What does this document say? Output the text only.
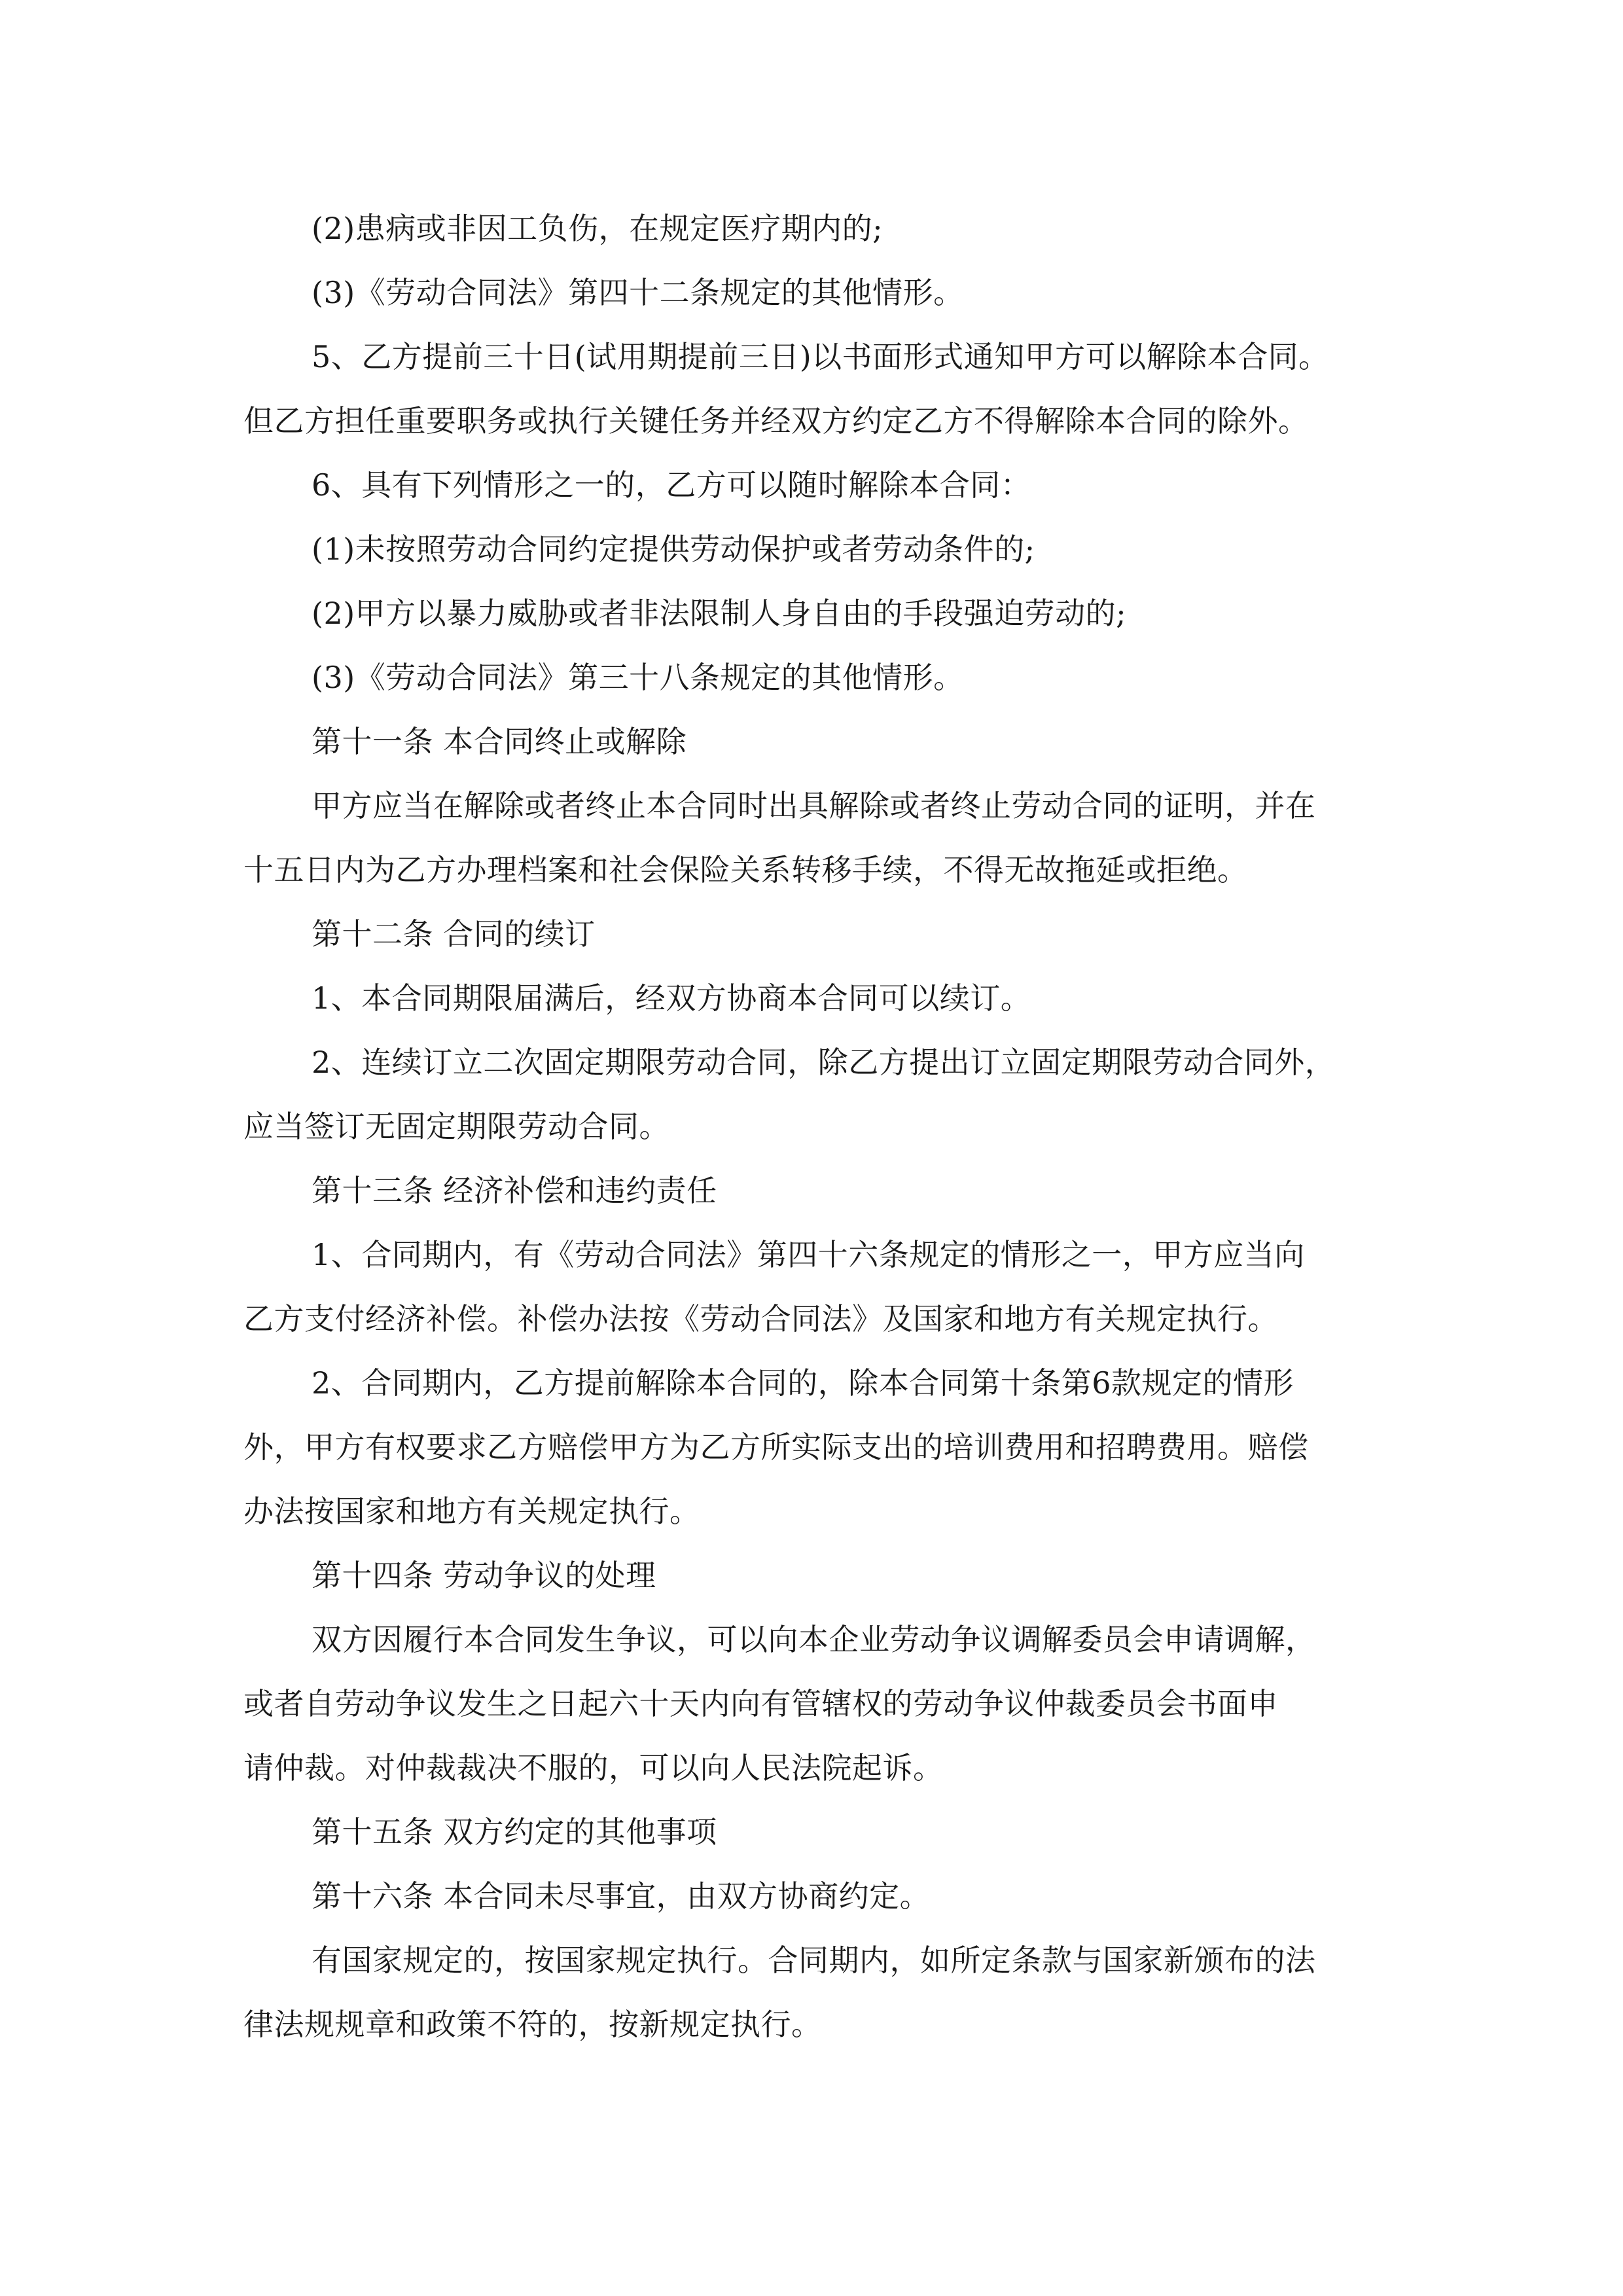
(2)患病或非因工负伤，在规定医疗期内的;
(3)《劳动合同法》第四十二条规定的其他情形。
5、乙方提前三十日(试用期提前三日)以书面形式通知甲方可以解除本合同。
但乙方担任重要职务或执行关键任务并经双方约定乙方不得解除本合同的除外。
6、具有下列情形之一的，乙方可以随时解除本合同：
(1)未按照劳动合同约定提供劳动保护或者劳动条件的;
(2)甲方以暴力威胁或者非法限制人身自由的手段强迫劳动的;
(3)《劳动合同法》第三十八条规定的其他情形。
第十一条 本合同终止或解除
甲方应当在解除或者终止本合同时出具解除或者终止劳动合同的证明，并在
十五日内为乙方办理档案和社会保险关系转移手续，不得无故拖延或拒绝。
第十二条 合同的续订
1、本合同期限届满后，经双方协商本合同可以续订。
2、连续订立二次固定期限劳动合同，除乙方提出订立固定期限劳动合同外，
应当签订无固定期限劳动合同。
第十三条 经济补偿和违约责任
1、合同期内，有《劳动合同法》第四十六条规定的情形之一，甲方应当向
乙方支付经济补偿。补偿办法按《劳动合同法》及国家和地方有关规定执行。
2、合同期内，乙方提前解除本合同的，除本合同第十条第6款规定的情形
外，甲方有权要求乙方赔偿甲方为乙方所实际支出的培训费用和招聘费用。赔偿
办法按国家和地方有关规定执行。
第十四条 劳动争议的处理
双方因履行本合同发生争议，可以向本企业劳动争议调解委员会申请调解，
或者自劳动争议发生之日起六十天内向有管辖权的劳动争议仲裁委员会书面申
请仲裁。对仲裁裁决不服的，可以向人民法院起诉。
第十五条 双方约定的其他事项
第十六条 本合同未尽事宜，由双方协商约定。
有国家规定的，按国家规定执行。合同期内，如所定条款与国家新颁布的法
律法规规章和政策不符的，按新规定执行。
